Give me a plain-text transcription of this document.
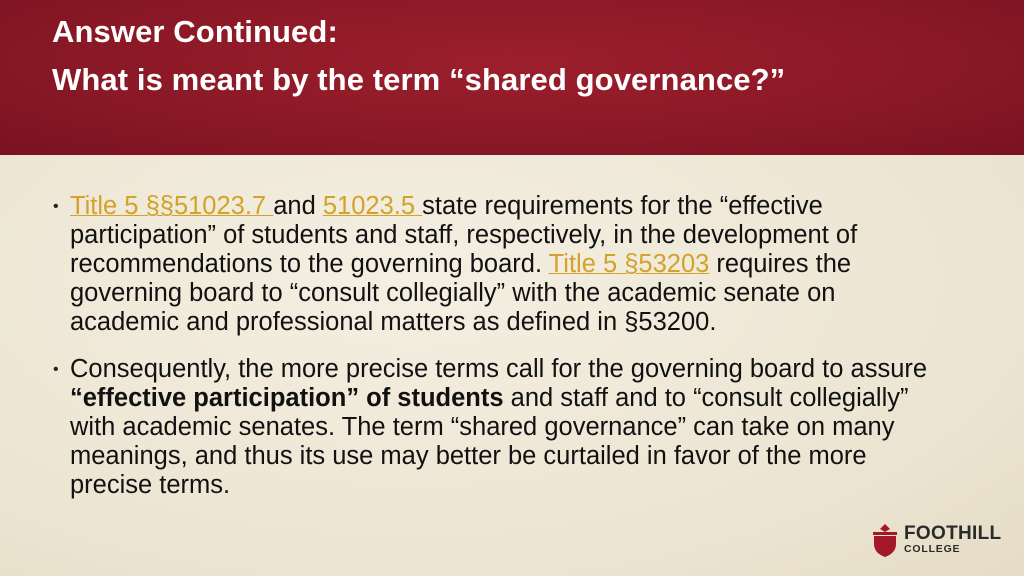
Answer Continued:
What is meant by the term “shared governance?”
• Title 5 §§51023.7 and 51023.5 state requirements for the “effective participation” of students and staff, respectively, in the development of recommendations to the governing board. Title 5 §53203 requires the governing board to “consult collegially” with the academic senate on academic and professional matters as defined in §53200.
• Consequently, the more precise terms call for the governing board to assure “effective participation” of students and staff and to “consult collegially” with academic senates. The term “shared governance” can take on many meanings, and thus its use may better be curtailed in favor of the more precise terms.
FOOTHILL
COLLEGE
